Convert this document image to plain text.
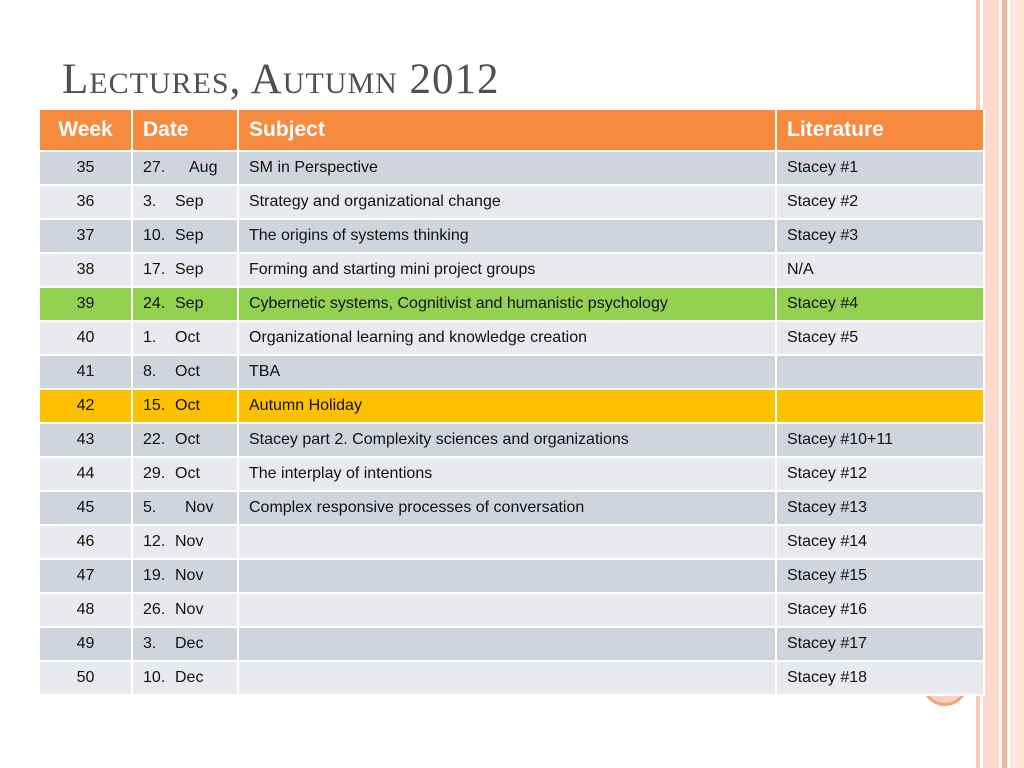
Lectures, Autumn 2012
Week	Date	Subject	Literature
35	27. Aug	SM in Perspective	Stacey #1
36	3. Sep	Strategy and organizational change	Stacey #2
37	10. Sep	The origins of systems thinking	Stacey #3
38	17. Sep	Forming and starting mini project groups	N/A
39	24. Sep	Cybernetic systems, Cognitivist and humanistic psychology	Stacey #4
40	1. Oct	Organizational learning and knowledge creation	Stacey #5
41	8. Oct	TBA	
42	15. Oct	Autumn Holiday	
43	22. Oct	Stacey part 2. Complexity sciences and organizations	Stacey #10+11
44	29. Oct	The interplay of intentions	Stacey #12
45	5. Nov	Complex responsive processes of conversation	Stacey #13
46	12. Nov		Stacey #14
47	19. Nov		Stacey #15
48	26. Nov		Stacey #16
49	3. Dec		Stacey #17
50	10. Dec		Stacey #18
